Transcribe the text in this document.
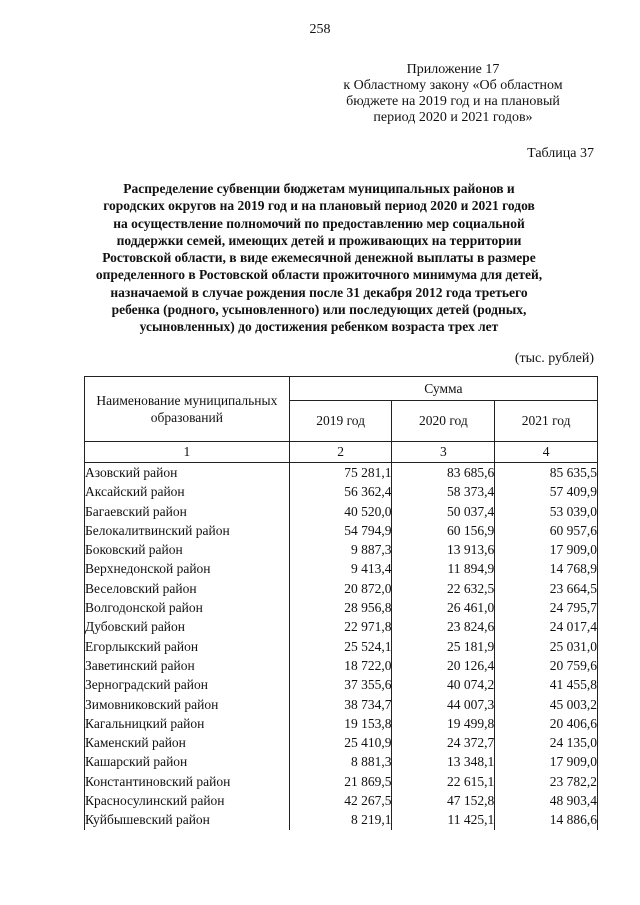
258
Приложение 17
к Областному закону «Об областном
бюджете на 2019 год и на плановый
период 2020 и 2021 годов»
Таблица 37
Распределение субвенции бюджетам муниципальных районов и
городских округов на 2019 год и на плановый период 2020 и 2021 годов
на осуществление полномочий по предоставлению мер социальной
поддержки семей, имеющих детей и проживающих на территории
Ростовской области, в виде ежемесячной денежной выплаты в размере
определенного в Ростовской области прожиточного минимума для детей,
назначаемой в случае рождения после 31 декабря 2012 года третьего
ребенка (родного, усыновленного) или последующих детей (родных,
усыновленных) до достижения ребенком возраста трех лет
(тыс. рублей)
Наименование муниципальных образований	Сумма		
	2019 год	2020 год	2021 год
1	2	3	4
Азовский район	75 281,1	83 685,6	85 635,5
Аксайский район	56 362,4	58 373,4	57 409,9
Багаевский район	40 520,0	50 037,4	53 039,0
Белокалитвинский район	54 794,9	60 156,9	60 957,6
Боковский район	9 887,3	13 913,6	17 909,0
Верхнедонской район	9 413,4	11 894,9	14 768,9
Веселовский район	20 872,0	22 632,5	23 664,5
Волгодонской район	28 956,8	26 461,0	24 795,7
Дубовский район	22 971,8	23 824,6	24 017,4
Егорлыкский район	25 524,1	25 181,9	25 031,0
Заветинский район	18 722,0	20 126,4	20 759,6
Зерноградский район	37 355,6	40 074,2	41 455,8
Зимовниковский район	38 734,7	44 007,3	45 003,2
Кагальницкий район	19 153,8	19 499,8	20 406,6
Каменский район	25 410,9	24 372,7	24 135,0
Кашарский район	8 881,3	13 348,1	17 909,0
Константиновский район	21 869,5	22 615,1	23 782,2
Красносулинский район	42 267,5	47 152,8	48 903,4
Куйбышевский район	8 219,1	11 425,1	14 886,6
